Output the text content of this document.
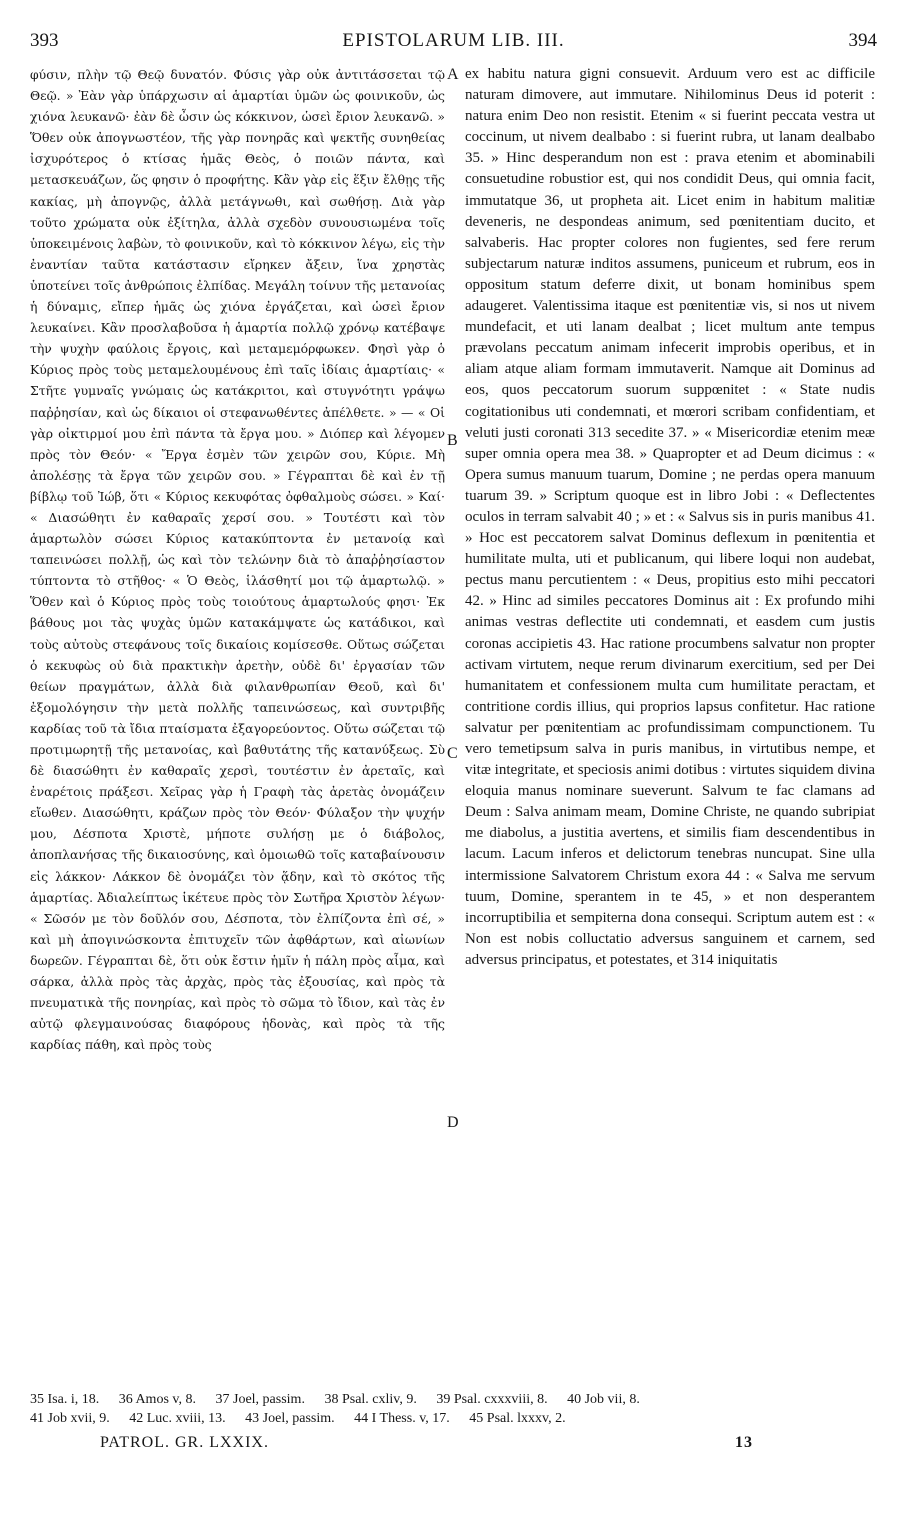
393	EPISTOLARUM LIB. III.	394

φύσιν, πλὴν τῷ Θεῷ δυνατόν. Φύσις γὰρ οὐκ ἀντιτάσσεται τῷ Θεῷ. » Ἐὰν γὰρ ὑπάρχωσιν αἱ ἁμαρτίαι ὑμῶν ὡς φοινικοῦν, ὡς χιόνα λευκανῶ· ἐὰν δὲ ὦσιν ὡς κόκκινον, ὡσεὶ ἔριον λευκανῶ. » Ὅθεν οὐκ ἀπογνωστέον, τῆς γὰρ πονηρᾶς καὶ ψεκτῆς συνηθείας ἰσχυρότερος ὁ κτίσας ἡμᾶς Θεὸς, ὁ ποιῶν πάντα, καὶ μετασκευάζων, ὥς φησιν ὁ προφήτης. Κἂν γὰρ εἰς ἕξιν ἔλθῃς τῆς κακίας, μὴ ἀπογνῷς, ἀλλὰ μετάγνωθι, καὶ σωθήσῃ. Διὰ γὰρ τοῦτο χρώματα οὐκ ἐξίτηλα, ἀλλὰ σχεδὸν συνουσιωμένα τοῖς ὑποκειμένοις λαβὼν, τὸ φοινικοῦν, καὶ τὸ κόκκινον λέγω, εἰς τὴν ἐναντίαν ταῦτα κατάστασιν εἴρηκεν ἄξειν, ἵνα χρηστὰς ὑποτείνει τοῖς ἀνθρώποις ἐλπίδας. Μεγάλη τοίνυν τῆς μετανοίας ἡ δύναμις, εἴπερ ἡμᾶς ὡς χιόνα ἐργάζεται, καὶ ὡσεὶ ἔριον λευκαίνει. Κἂν προσλαβοῦσα ἡ ἁμαρτία πολλῷ χρόνῳ κατέβαψε τὴν ψυχὴν φαύλοις ἔργοις, καὶ μεταμεμόρφωκεν. Φησὶ γὰρ ὁ Κύριος πρὸς τοὺς μεταμελουμένους ἐπὶ ταῖς ἰδίαις ἁμαρτίαις· « Στῆτε γυμναῖς γνώμαις ὡς κατάκριτοι, καὶ στυγνότητι γράψω παῤῥησίαν, καὶ ὡς δίκαιοι οἱ στεφανωθέντες ἀπέλθετε. » — « Οἱ γὰρ οἰκτιρμοί μου ἐπὶ πάντα τὰ ἔργα μου. » Διόπερ καὶ λέγομεν πρὸς τὸν Θεόν· « Ἔργα ἐσμὲν τῶν χειρῶν σου, Κύριε. Μὴ ἀπολέσῃς τὰ ἔργα τῶν χειρῶν σου. » Γέγραπται δὲ καὶ ἐν τῇ βίβλῳ τοῦ Ἰώβ, ὅτι « Κύριος κεκυφότας ὀφθαλμοὺς σώσει. » Καί· « Διασώθητι ἐν καθαραῖς χερσί σου. » Τουτέστι καὶ τὸν ἁμαρτωλὸν σώσει Κύριος κατακύπτοντα ἐν μετανοίᾳ καὶ ταπεινώσει πολλῇ, ὡς καὶ τὸν τελώνην διὰ τὸ ἀπαῤῥησίαστον τύπτοντα τὸ στῆθος· « Ὁ Θεὸς, ἱλάσθητί μοι τῷ ἁμαρτωλῷ. » Ὅθεν καὶ ὁ Κύριος πρὸς τοὺς τοιούτους ἁμαρτωλούς φησι· Ἐκ βάθους μοι τὰς ψυχὰς ὑμῶν κατακάμψατε ὡς κατάδικοι, καὶ τοὺς αὐτοὺς στεφάνους τοῖς δικαίοις κομίσεσθε. Οὕτως σώζεται ὁ κεκυφὼς οὐ διὰ πρακτικὴν ἀρετὴν, οὐδὲ δι' ἐργασίαν τῶν θείων πραγμάτων, ἀλλὰ διὰ φιλανθρωπίαν Θεοῦ, καὶ δι' ἐξομολόγησιν τὴν μετὰ πολλῆς ταπεινώσεως, καὶ συντριβῆς καρδίας τοῦ τὰ ἴδια πταίσματα ἐξαγορεύοντος. Οὕτω σώζεται τῷ προτιμωρητῇ τῆς μετανοίας, καὶ βαθυτάτης τῆς κατανύξεως. Σὺ δὲ διασώθητι ἐν καθαραῖς χερσὶ, τουτέστιν ἐν ἀρεταῖς, καὶ ἐναρέτοις πράξεσι. Χεῖρας γὰρ ἡ Γραφὴ τὰς ἀρετὰς ὀνομάζειν εἴωθεν. Διασώθητι, κράζων πρὸς τὸν Θεόν· Φύλαξον τὴν ψυχήν μου, Δέσποτα Χριστὲ, μήποτε συλήσῃ με ὁ διάβολος, ἀποπλανήσας τῆς δικαιοσύνης, καὶ ὁμοιωθῶ τοῖς καταβαίνουσιν εἰς λάκκον· Λάκκον δὲ ὀνομάζει τὸν ᾅδην, καὶ τὸ σκότος τῆς ἁμαρτίας. Ἀδιαλείπτως ἱκέτευε πρὸς τὸν Σωτῆρα Χριστὸν λέγων· « Σῶσόν με τὸν δοῦλόν σου, Δέσποτα, τὸν ἐλπίζοντα ἐπὶ σέ, » καὶ μὴ ἀπογινώσκοντα ἐπιτυχεῖν τῶν ἀφθάρτων, καὶ αἰωνίων δωρεῶν. Γέγραπται δὲ, ὅτι οὐκ ἔστιν ἡμῖν ἡ πάλη πρὸς αἷμα, καὶ σάρκα, ἀλλὰ πρὸς τὰς ἀρχὰς, πρὸς τὰς ἐξουσίας, καὶ πρὸς τὰ πνευματικὰ τῆς πονηρίας, καὶ πρὸς τὸ σῶμα τὸ ἴδιον, καὶ τὰς ἐν αὐτῷ φλεγμαινούσας διαφόρους ἡδονὰς, καὶ πρὸς τὰ τῆς καρδίας πάθη, καὶ πρὸς τοὺς

A
B
C
D

ex habitu natura gigni consuevit. Arduum vero est ac difficile naturam dimovere, aut immutare. Nihilominus Deus id poterit : natura enim Deo non resistit. Etenim « si fuerint peccata vestra ut coccinum, ut nivem dealbabo : si fuerint rubra, ut lanam dealbabo 35. » Hinc desperandum non est : prava etenim et abominabili consuetudine robustior est, qui nos condidit Deus, qui omnia facit, immutatque 36, ut propheta ait. Licet enim in habitum malitiæ deveneris, ne despondeas animum, sed pœnitentiam ducito, et salvaberis. Hac propter colores non fugientes, sed fere rerum subjectarum naturæ inditos assumens, puniceum et rubrum, eos in oppositum statum deferre dixit, ut bonam hominibus spem adaugeret. Valentissima itaque est pœnitentiæ vis, si nos ut nivem mundefacit, et uti lanam dealbat ; licet multum ante tempus prævolans peccatum animam infecerit improbis operibus, et in aliam atque aliam formam immutaverit. Namque ait Dominus ad eos, quos peccatorum suorum suppœnitet : « State nudis cogitationibus uti condemnati, et mœrori scribam confidentiam, et veluti justi coronati 313 secedite 37. » « Misericordiæ etenim meæ super omnia opera mea 38. » Quapropter et ad Deum dicimus : « Opera sumus manuum tuarum, Domine ; ne perdas opera manuum tuarum 39. » Scriptum quoque est in libro Jobi : « Deflectentes oculos in terram salvabit 40 ; » et : « Salvus sis in puris manibus 41. » Hoc est peccatorem salvat Dominus deflexum in pœnitentia et humilitate multa, uti et publicanum, qui libere loqui non audebat, pectus manu percutientem : « Deus, propitius esto mihi peccatori 42. » Hinc ad similes peccatores Dominus ait : Ex profundo mihi animas vestras deflectite uti condemnati, et easdem cum justis coronas accipietis 43. Hac ratione procumbens salvatur non propter activam virtutem, neque rerum divinarum exercitium, sed per Dei humanitatem et confessionem multa cum humilitate peractam, et contritione cordis illius, qui proprios lapsus confitetur. Hac ratione salvatur per pœnitentiam ac profundissimam compunctionem. Tu vero temetipsum salva in puris manibus, in virtutibus nempe, et vitæ integritate, et speciosis animi dotibus : virtutes siquidem divina eloquia manus nominare sueverunt. Salvum te fac clamans ad Deum : Salva animam meam, Domine Christe, ne quando subripiat me diabolus, a justitia avertens, et similis fiam descendentibus in lacum. Lacum inferos et delictorum tenebras nuncupat. Sine ulla intermissione Salvatorem Christum exora 44 : « Salva me servum tuum, Domine, sperantem in te 45, » et non desperantem incorruptibilia et sempiterna dona consequi. Scriptum autem est : « Non est nobis colluctatio adversus sanguinem et carnem, sed adversus principatus, et potestates, et 314 iniquitatis

35 Isa. i, 18. 36 Amos v, 8. 37 Joel, passim. 38 Psal. cxliv, 9. 39 Psal. cxxxviii, 8. 40 Job vii, 8.
41 Job xvii, 9. 42 Luc. xviii, 13. 43 Joel, passim. 44 I Thess. v, 17. 45 Psal. lxxxv, 2.
PATROL. GR. LXXIX.	13
